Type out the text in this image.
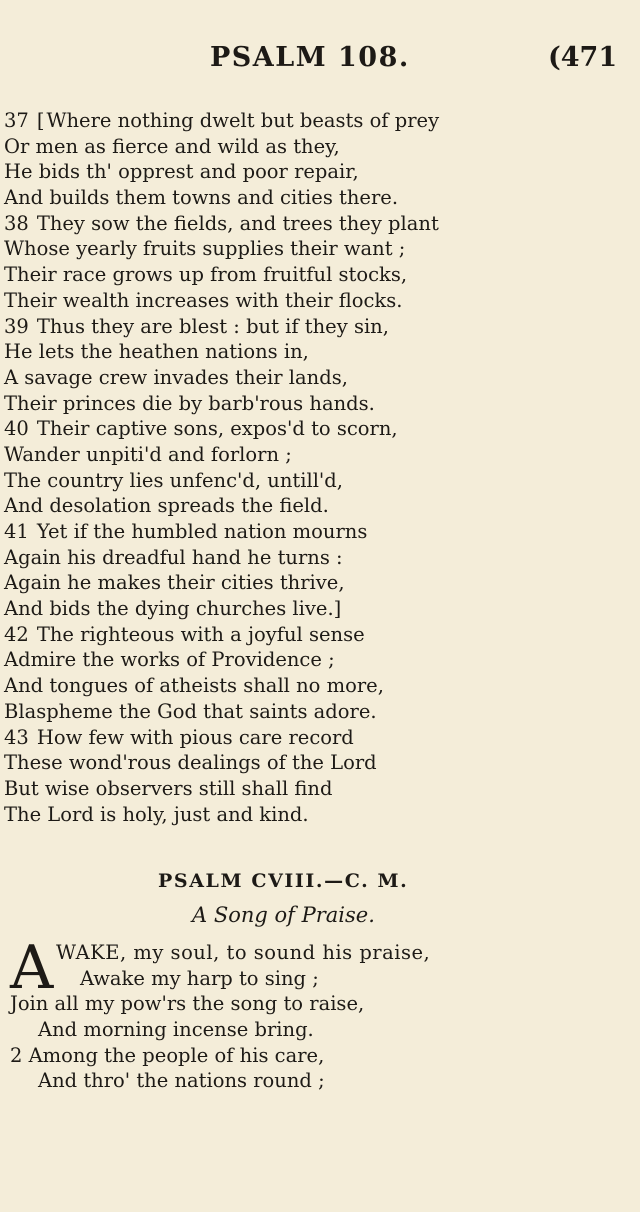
PSALM 108.	(471
37 [ Where nothing dwelt but beasts of prey
Or men as fierce and wild as they,
He bids th' opprest and poor repair,
And builds them towns and cities there.
38 They sow the fields, and trees they plant
Whose yearly fruits supplies their want ;
Their race grows up from fruitful stocks,
Their wealth increases with their flocks.
39 Thus they are blest : but if they sin,
He lets the heathen nations in,
A savage crew invades their lands,
Their princes die by barb'rous hands.
40 Their captive sons, expos'd to scorn,
Wander unpiti'd and forlorn ;
The country lies unfenc'd, untill'd,
And desolation spreads the field.
41 Yet if the humbled nation mourns
Again his dreadful hand he turns :
Again he makes their cities thrive,
And bids the dying churches live.]
42 The righteous with a joyful sense
Admire the works of Providence ;
And tongues of atheists shall no more,
Blaspheme the God that saints adore.
43 How few with pious care record
These wond'rous dealings of the Lord
But wise observers still shall find
The Lord is holy, just and kind.
PSALM CVIII.—C. M.
A Song of Praise.
A WAKE, my soul, to sound his praise,
Awake my harp to sing ;
Join all my pow'rs the song to raise,
And morning incense bring.
2 Among the people of his care,
And thro' the nations round ;
